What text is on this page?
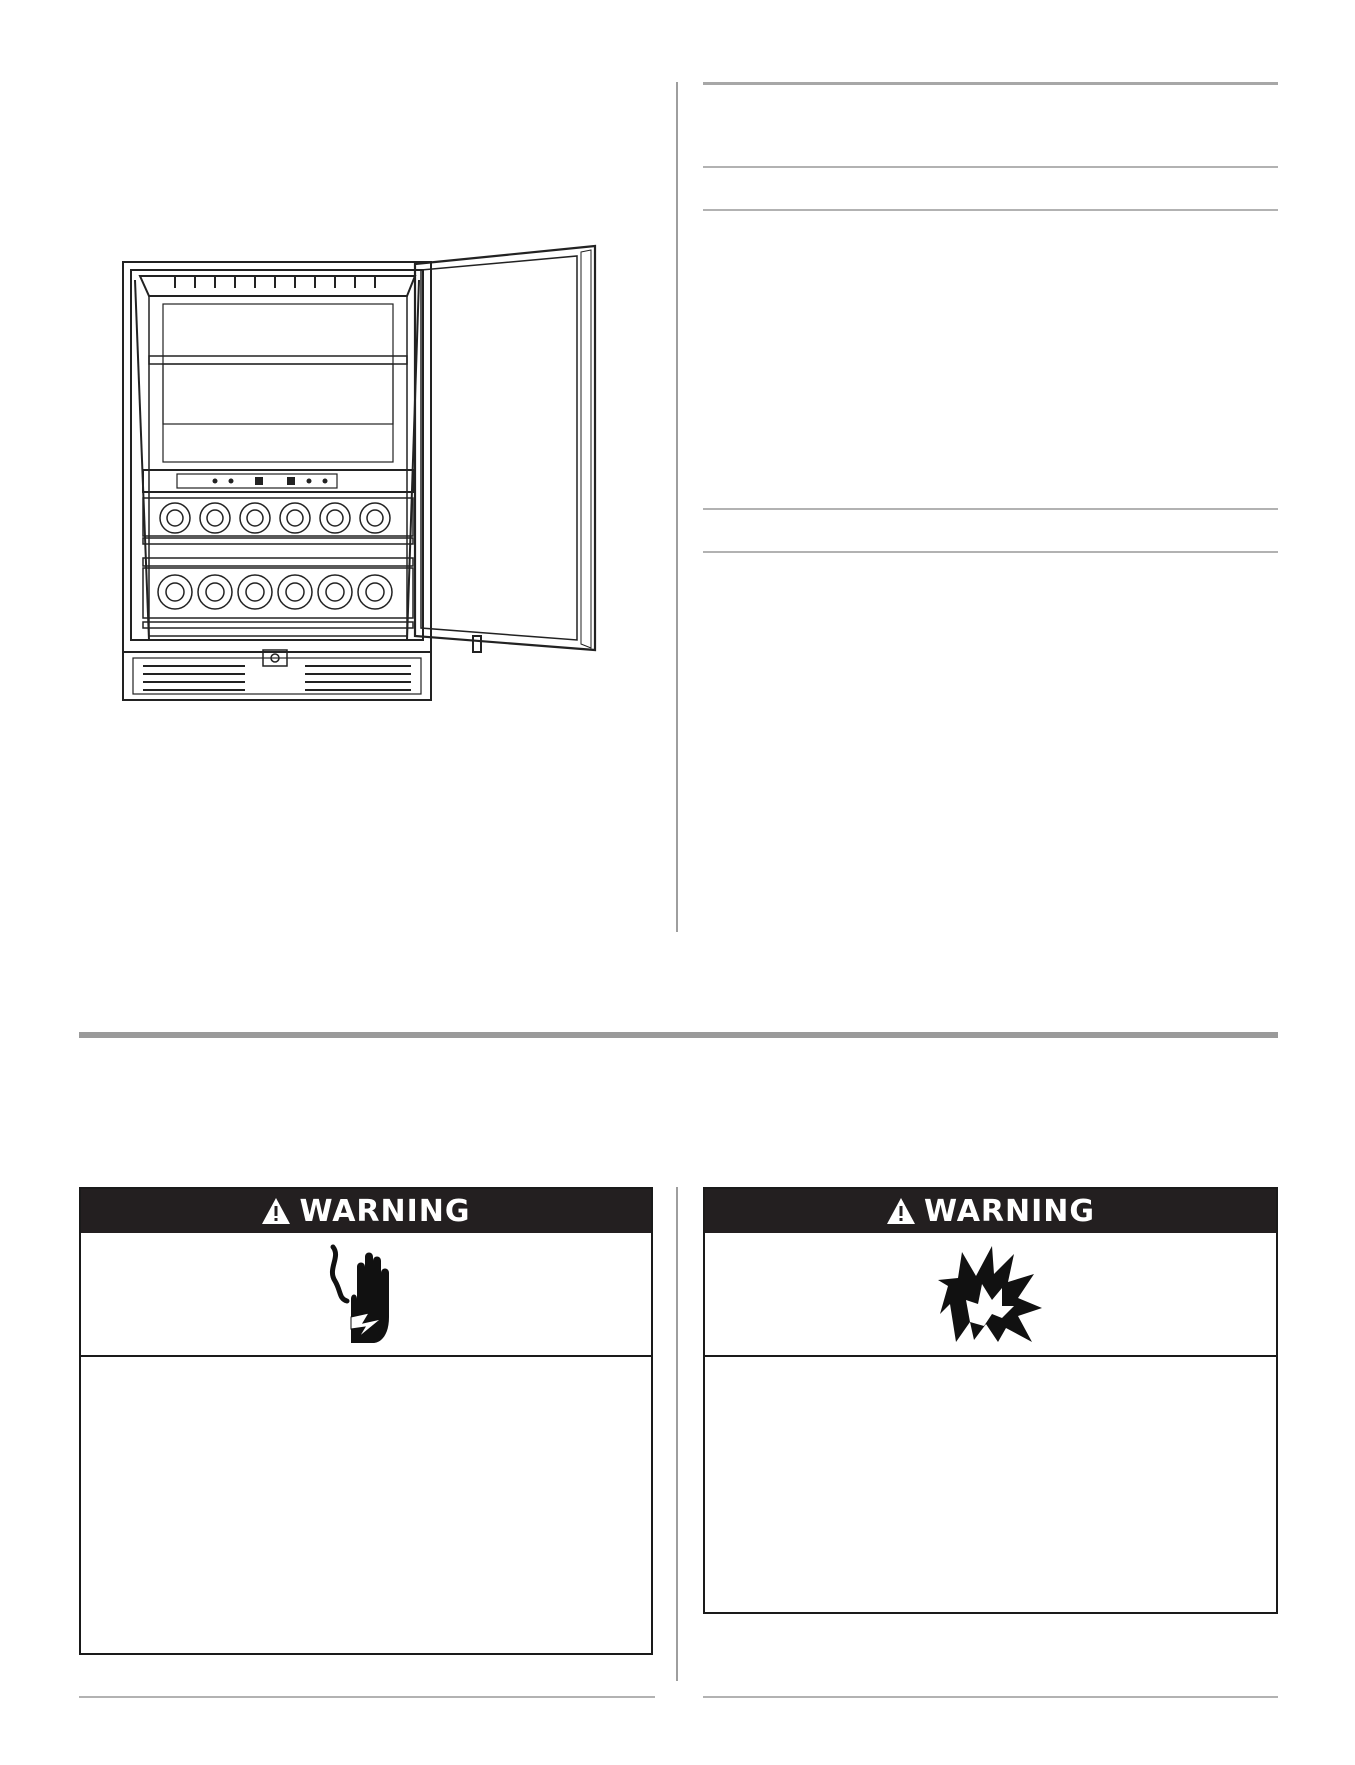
WARNING	WARNING
